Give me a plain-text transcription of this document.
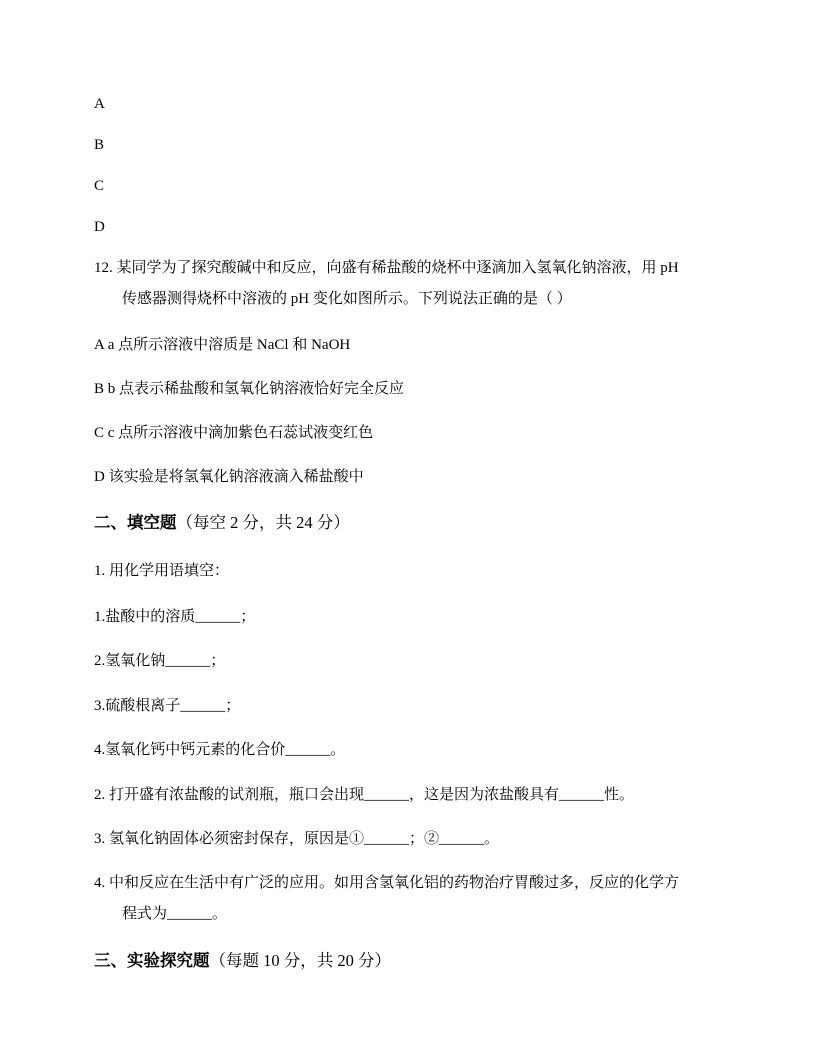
A
B
C
D
12. 某同学为了探究酸碱中和反应，向盛有稀盐酸的烧杯中逐滴加入氢氧化钠溶液，用 pH
传感器测得烧杯中溶液的 pH 变化如图所示。下列说法正确的是（ ）
A a 点所示溶液中溶质是 NaCl 和 NaOH
B b 点表示稀盐酸和氢氧化钠溶液恰好完全反应
C c 点所示溶液中滴加紫色石蕊试液变红色
D 该实验是将氢氧化钠溶液滴入稀盐酸中
二、填空题（每空 2 分，共 24 分）
1. 用化学用语填空：
1.盐酸中的溶质______；
2.氢氧化钠______；
3.硫酸根离子______；
4.氢氧化钙中钙元素的化合价______。
2. 打开盛有浓盐酸的试剂瓶，瓶口会出现______，这是因为浓盐酸具有______性。
3. 氢氧化钠固体必须密封保存，原因是①______；②______。
4. 中和反应在生活中有广泛的应用。如用含氢氧化铝的药物治疗胃酸过多，反应的化学方
程式为______。
三、实验探究题（每题 10 分，共 20 分）
